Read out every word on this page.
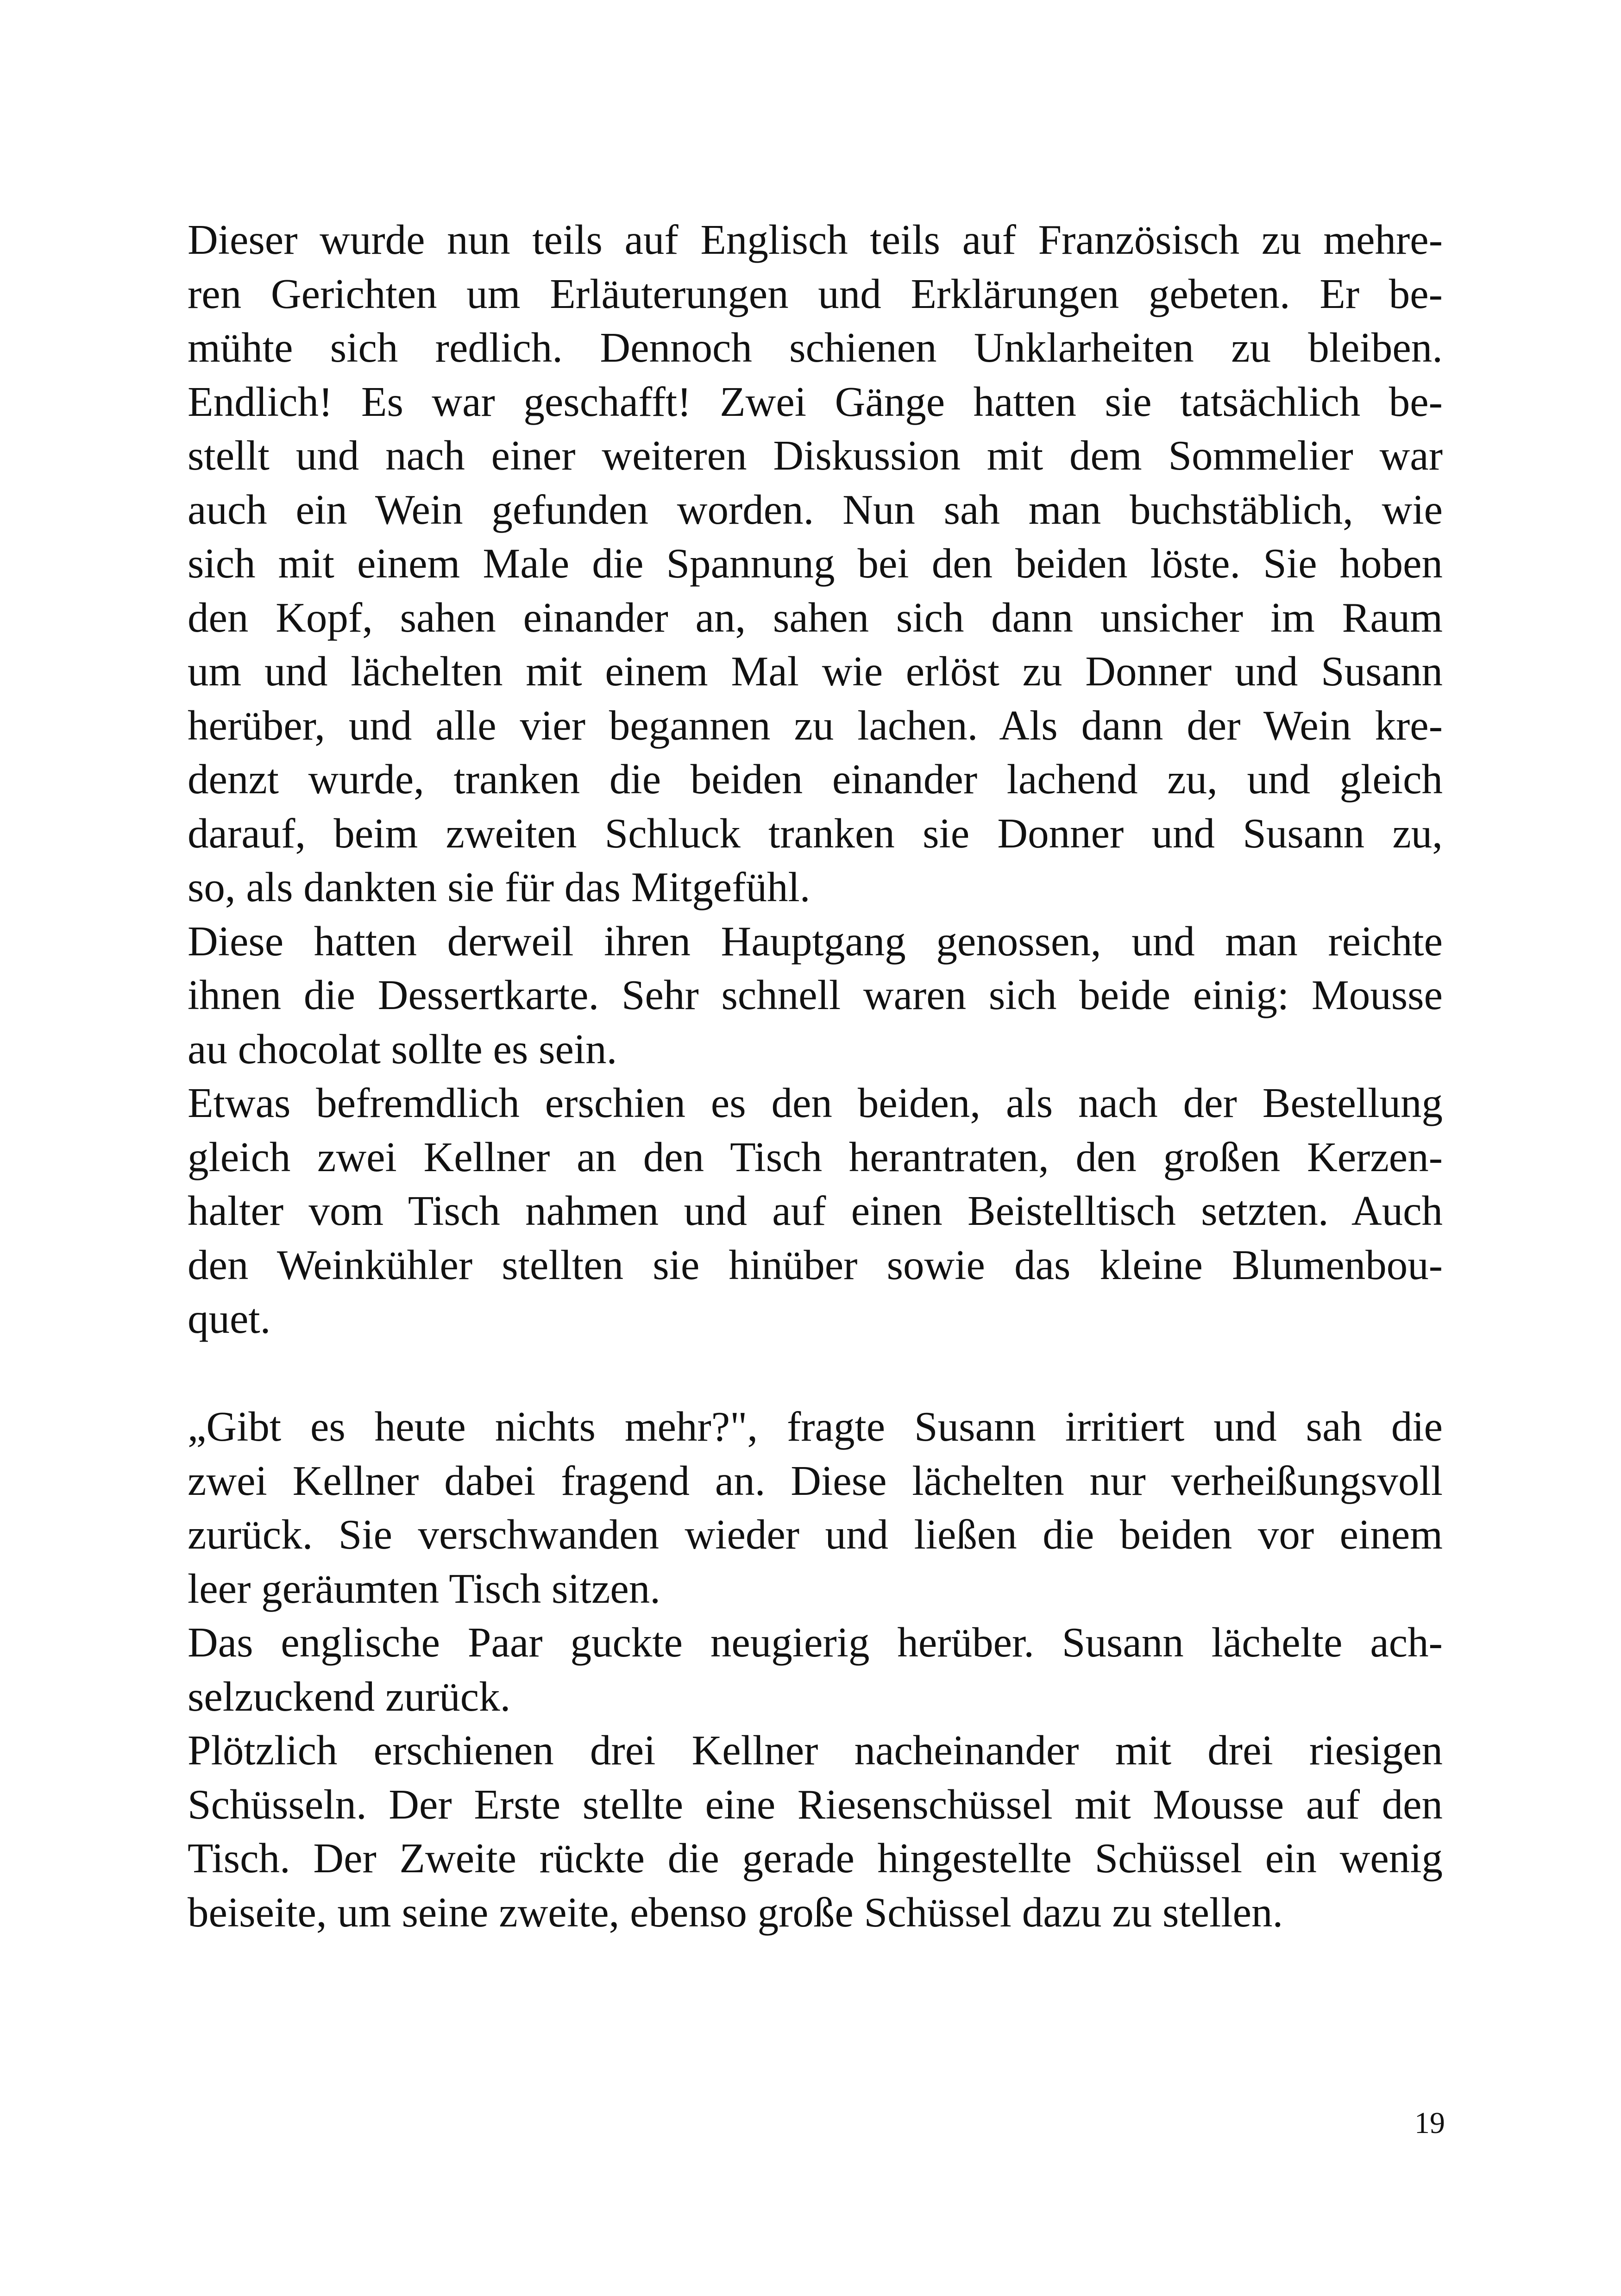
Dieser wurde nun teils auf Englisch teils auf Französisch zu mehre-
ren Gerichten um Erläuterungen und Erklärungen gebeten. Er be-
mühte sich redlich. Dennoch schienen Unklarheiten zu bleiben.
Endlich! Es war geschafft! Zwei Gänge hatten sie tatsächlich be-
stellt und nach einer weiteren Diskussion mit dem Sommelier war
auch ein Wein gefunden worden. Nun sah man buchstäblich, wie
sich mit einem Male die Spannung bei den beiden löste. Sie hoben
den Kopf, sahen einander an, sahen sich dann unsicher im Raum
um und lächelten mit einem Mal wie erlöst zu Donner und Susann
herüber, und alle vier begannen zu lachen. Als dann der Wein kre-
denzt wurde, tranken die beiden einander lachend zu, und gleich
darauf, beim zweiten Schluck tranken sie Donner und Susann zu,
so, als dankten sie für das Mitgefühl.
Diese hatten derweil ihren Hauptgang genossen, und man reichte
ihnen die Dessertkarte. Sehr schnell waren sich beide einig: Mousse
au chocolat sollte es sein.
Etwas befremdlich erschien es den beiden, als nach der Bestellung
gleich zwei Kellner an den Tisch herantraten, den großen Kerzen-
halter vom Tisch nahmen und auf einen Beistelltisch setzten. Auch
den Weinkühler stellten sie hinüber sowie das kleine Blumenbou-
quet.
„Gibt es heute nichts mehr?", fragte Susann irritiert und sah die
zwei Kellner dabei fragend an. Diese lächelten nur verheißungsvoll
zurück. Sie verschwanden wieder und ließen die beiden vor einem
leer geräumten Tisch sitzen.
Das englische Paar guckte neugierig herüber. Susann lächelte ach-
selzuckend zurück.
Plötzlich erschienen drei Kellner nacheinander mit drei riesigen
Schüsseln. Der Erste stellte eine Riesenschüssel mit Mousse auf den
Tisch. Der Zweite rückte die gerade hingestellte Schüssel ein wenig
beiseite, um seine zweite, ebenso große Schüssel dazu zu stellen.
19
